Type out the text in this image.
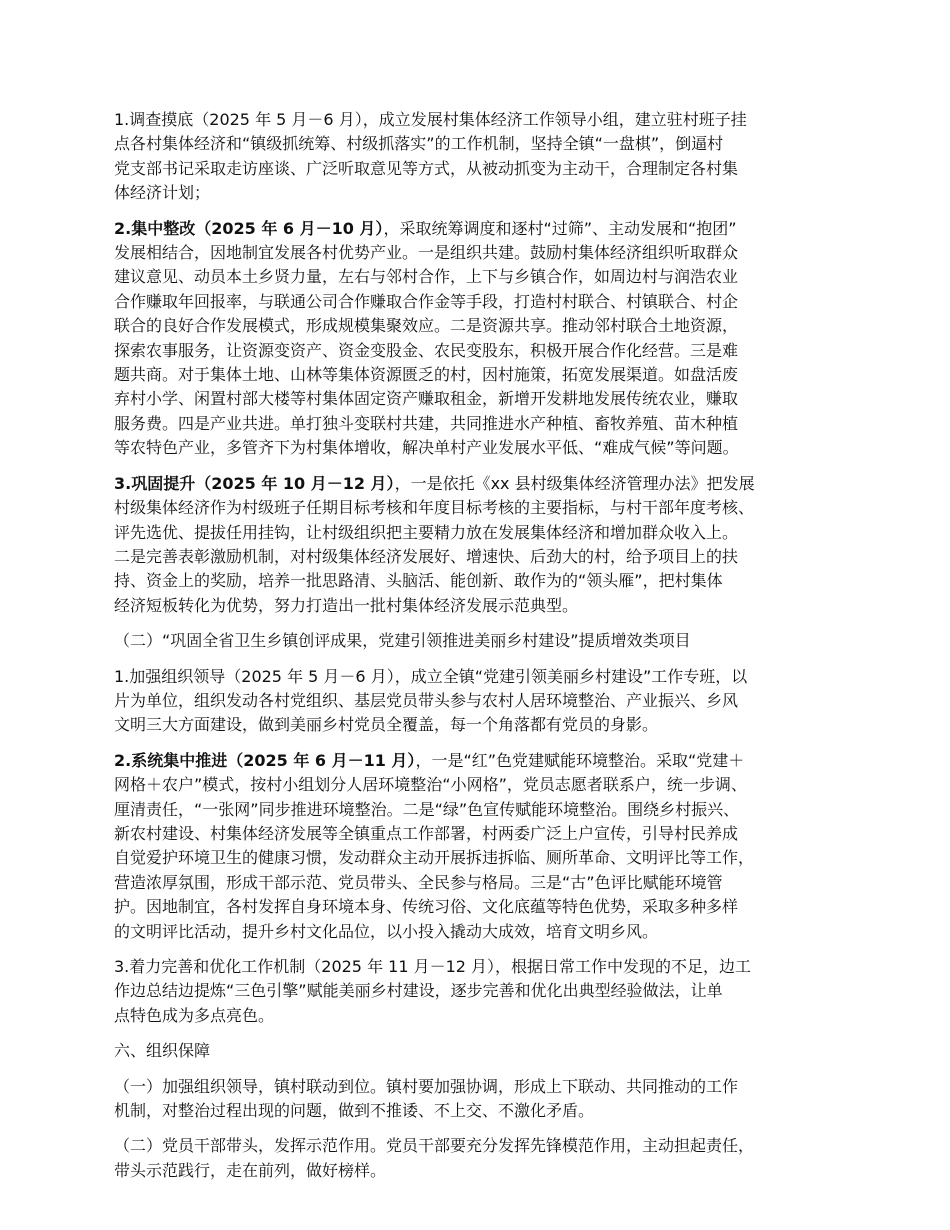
1.调查摸底（2025 年 5 月－6 月），成立发展村集体经济工作领导小组，建立驻村班子挂
点各村集体经济和“镇级抓统筹、村级抓落实”的工作机制，坚持全镇“一盘棋”，倒逼村
党支部书记采取走访座谈、广泛听取意见等方式，从被动抓变为主动干，合理制定各村集
体经济计划；

2.集中整改（2025 年 6 月－10 月），采取统筹调度和逐村“过筛”、主动发展和“抱团”
发展相结合，因地制宜发展各村优势产业。一是组织共建。鼓励村集体经济组织听取群众
建议意见、动员本土乡贤力量，左右与邻村合作，上下与乡镇合作，如周边村与润浩农业
合作赚取年回报率，与联通公司合作赚取合作金等手段，打造村村联合、村镇联合、村企
联合的良好合作发展模式，形成规模集聚效应。二是资源共享。推动邻村联合土地资源，
探索农事服务，让资源变资产、资金变股金、农民变股东，积极开展合作化经营。三是难
题共商。对于集体土地、山林等集体资源匮乏的村，因村施策，拓宽发展渠道。如盘活废
弃村小学、闲置村部大楼等村集体固定资产赚取租金，新增开发耕地发展传统农业，赚取
服务费。四是产业共进。单打独斗变联村共建，共同推进水产种植、畜牧养殖、苗木种植
等农特色产业，多管齐下为村集体增收，解决单村产业发展水平低、“难成气候”等问题。

3.巩固提升（2025 年 10 月－12 月），一是依托《xx 县村级集体经济管理办法》把发展
村级集体经济作为村级班子任期目标考核和年度目标考核的主要指标，与村干部年度考核、
评先选优、提拔任用挂钩，让村级组织把主要精力放在发展集体经济和增加群众收入上。
二是完善表彰激励机制，对村级集体经济发展好、增速快、后劲大的村，给予项目上的扶
持、资金上的奖励，培养一批思路清、头脑活、能创新、敢作为的“领头雁”，把村集体
经济短板转化为优势，努力打造出一批村集体经济发展示范典型。

（二）“巩固全省卫生乡镇创评成果，党建引领推进美丽乡村建设”提质增效类项目

1.加强组织领导（2025 年 5 月－6 月），成立全镇“党建引领美丽乡村建设”工作专班，以
片为单位，组织发动各村党组织、基层党员带头参与农村人居环境整治、产业振兴、乡风
文明三大方面建设，做到美丽乡村党员全覆盖，每一个角落都有党员的身影。

2.系统集中推进（2025 年 6 月－11 月），一是“红”色党建赋能环境整治。采取“党建＋
网格＋农户”模式，按村小组划分人居环境整治“小网格”，党员志愿者联系户，统一步调、
厘清责任，“一张网”同步推进环境整治。二是“绿”色宣传赋能环境整治。围绕乡村振兴、
新农村建设、村集体经济发展等全镇重点工作部署，村两委广泛上户宣传，引导村民养成
自觉爱护环境卫生的健康习惯，发动群众主动开展拆违拆临、厕所革命、文明评比等工作，
营造浓厚氛围，形成干部示范、党员带头、全民参与格局。三是“古”色评比赋能环境管
护。因地制宜，各村发挥自身环境本身、传统习俗、文化底蕴等特色优势，采取多种多样
的文明评比活动，提升乡村文化品位，以小投入撬动大成效，培育文明乡风。

3.着力完善和优化工作机制（2025 年 11 月－12 月），根据日常工作中发现的不足，边工
作边总结边提炼“三色引擎”赋能美丽乡村建设，逐步完善和优化出典型经验做法，让单
点特色成为多点亮色。

六、组织保障

（一）加强组织领导，镇村联动到位。镇村要加强协调，形成上下联动、共同推动的工作
机制，对整治过程出现的问题，做到不推诿、不上交、不激化矛盾。

（二）党员干部带头，发挥示范作用。党员干部要充分发挥先锋模范作用，主动担起责任，
带头示范践行，走在前列，做好榜样。
